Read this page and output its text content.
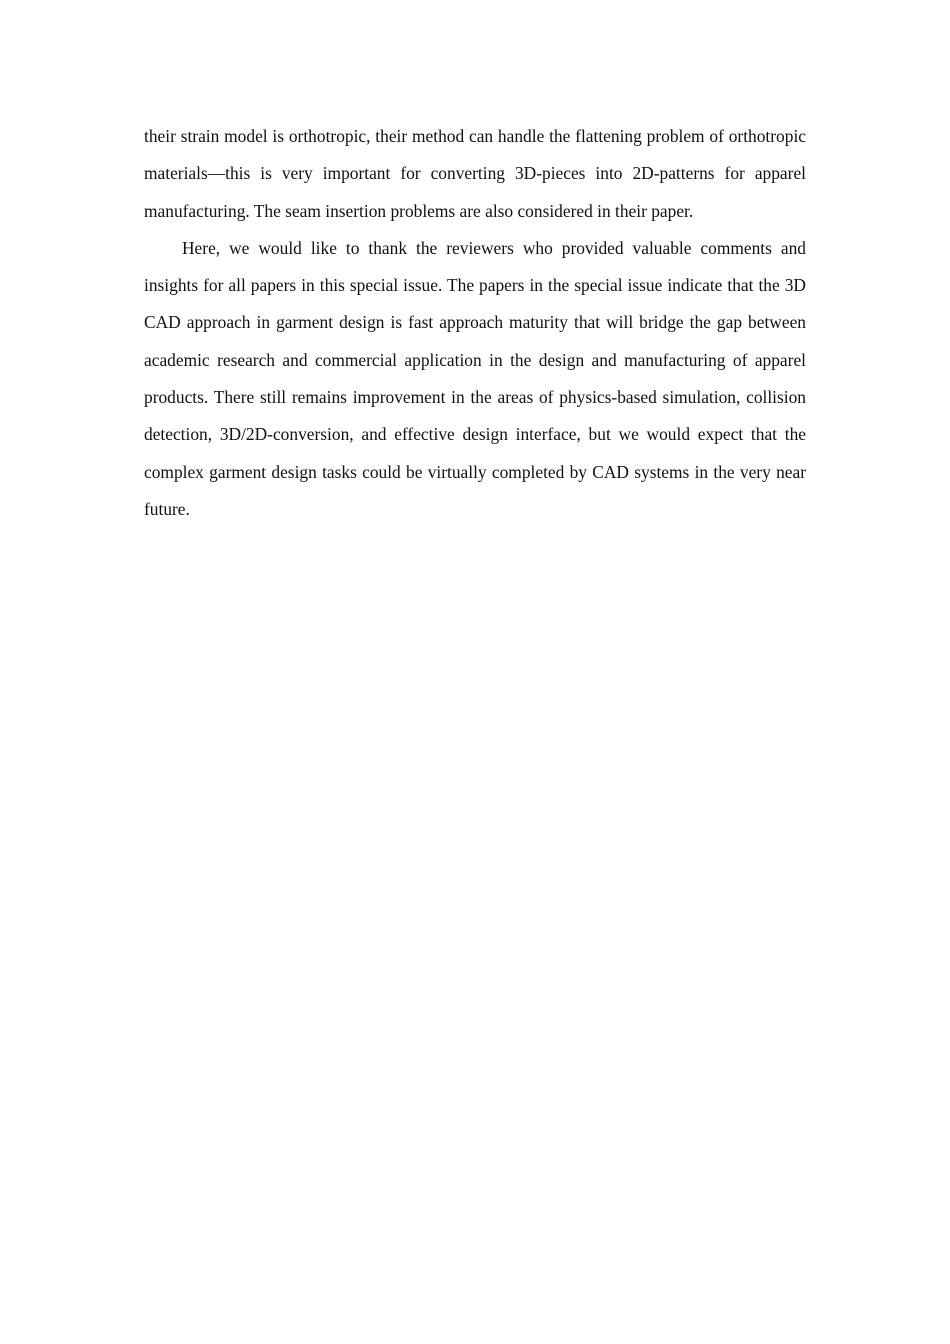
their strain model is orthotropic, their method can handle the flattening problem of orthotropic materials—this is very important for converting 3D-pieces into 2D-patterns for apparel manufacturing. The seam insertion problems are also considered in their paper.

Here, we would like to thank the reviewers who provided valuable comments and insights for all papers in this special issue. The papers in the special issue indicate that the 3D CAD approach in garment design is fast approach maturity that will bridge the gap between academic research and commercial application in the design and manufacturing of apparel products. There still remains improvement in the areas of physics-based simulation, collision detection, 3D/2D-conversion, and effective design interface, but we would expect that the complex garment design tasks could be virtually completed by CAD systems in the very near future.
